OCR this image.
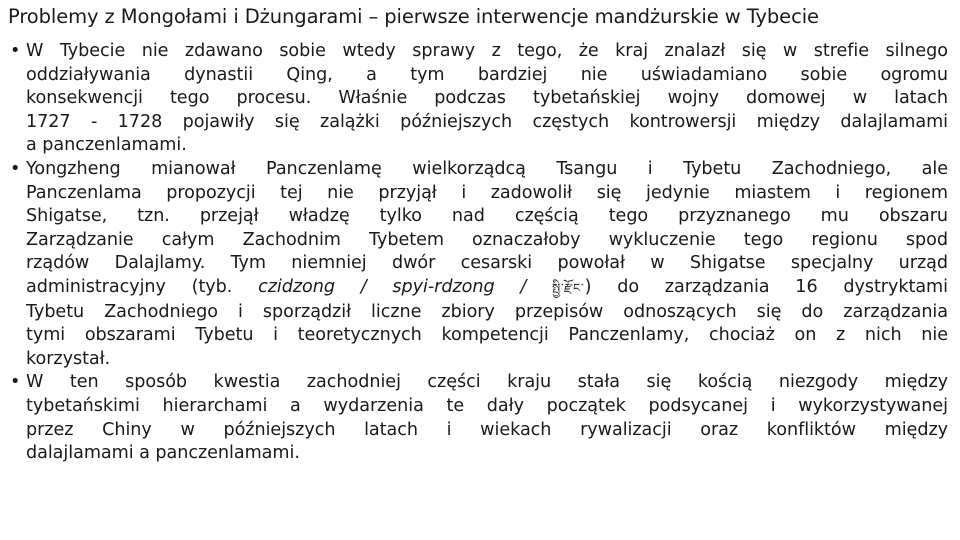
Problemy z Mongołami i Dżungarami – pierwsze interwencje mandżurskie w Tybecie
• W Tybecie nie zdawano sobie wtedy sprawy z tego, że kraj znalazł się w strefie silnego
oddziaływania dynastii Qing, a tym bardziej nie uświadamiano sobie ogromu
konsekwencji tego procesu. Właśnie podczas tybetańskiej wojny domowej w latach
1727 - 1728 pojawiły się zalążki późniejszych częstych kontrowersji między dalajlamami
a panczenlamami.
• Yongzheng mianował Panczenlamę wielkorządcą Tsangu i Tybetu Zachodniego, ale
Panczenlama propozycji tej nie przyjął i zadowolił się jedynie miastem i regionem
Shigatse, tzn. przejął władzę tylko nad częścią tego przyznanego mu obszaru
Zarządzanie całym Zachodnim Tybetem oznaczałoby wykluczenie tego regionu spod
rządów Dalajlamy. Tym niemniej dwór cesarski powołał w Shigatse specjalny urząd
administracyjny (tyb. czidzong / spyi-rdzong / སྤྱི་རྫོང་) do zarządzania 16 dystryktami
Tybetu Zachodniego i sporządził liczne zbiory przepisów odnoszących się do zarządzania
tymi obszarami Tybetu i teoretycznych kompetencji Panczenlamy, chociaż on z nich nie
korzystał.
• W ten sposób kwestia zachodniej części kraju stała się kością niezgody między
tybetańskimi hierarchami a wydarzenia te dały początek podsycanej i wykorzystywanej
przez Chiny w późniejszych latach i wiekach rywalizacji oraz konfliktów między
dalajlamami a panczenlamami.
